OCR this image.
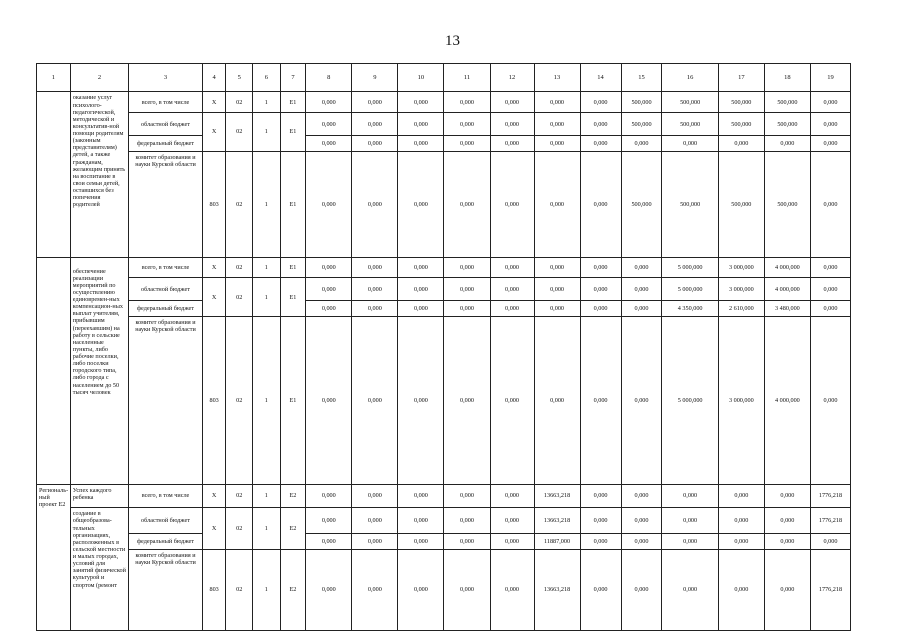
13
1	2	3	4	5	6	7	8	9	10	11	12	13	14	15	16	17	18	19
	оказание услуг психолого-педагогической, методической и консультатив-ной помощи родителям (законным представителям) детей, а также гражданам, желающим принять на воспитание в свои семьи детей, оставшихся без попечения родителей	всего, в том числе	X	02	1	E1	0,000	0,000	0,000	0,000	0,000	0,000	0,000	500,000	500,000	500,000	500,000	0,000
		областной бюджет	X	02	1	E1	0,000	0,000	0,000	0,000	0,000	0,000	0,000	500,000	500,000	500,000	500,000	0,000
		федеральный бюджет					0,000	0,000	0,000	0,000	0,000	0,000	0,000	0,000	0,000	0,000	0,000	0,000
		комитет образования и науки Курской области	803	02	1	E1	0,000	0,000	0,000	0,000	0,000	0,000	0,000	500,000	500,000	500,000	500,000	0,000
	обеспечение реализации мероприятий по осуществлению единовремен-ных компенсацион-ных выплат учителям, прибывшим (переехавшим) на работу в сельские населенные пункты, либо рабочие поселки, либо поселки городского типа, либо города с населением до 50 тысяч человек	всего, в том числе	X	02	1	E1	0,000	0,000	0,000	0,000	0,000	0,000	0,000	0,000	5 000,000	3 000,000	4 000,000	0,000
		областной бюджет	X	02	1	E1	0,000	0,000	0,000	0,000	0,000	0,000	0,000	0,000	5 000,000	3 000,000	4 000,000	0,000
		федеральный бюджет					0,000	0,000	0,000	0,000	0,000	0,000	0,000	0,000	4 350,000	2 610,000	3 480,000	0,000
		комитет образования и науки Курской области	803	02	1	E1	0,000	0,000	0,000	0,000	0,000	0,000	0,000	0,000	5 000,000	3 000,000	4 000,000	0,000
Региональ-ный проект Е2	Успех каждого ребенка	всего, в том числе	X	02	1	E2	0,000	0,000	0,000	0,000	0,000	13663,218	0,000	0,000	0,000	0,000	0,000	1776,218
	создание в общеобразова-тельных организациях, расположенных в сельской местности и малых городах, условий для занятий физической культурой и спортом (ремонт	областной бюджет	X	02	1	E2	0,000	0,000	0,000	0,000	0,000	13663,218	0,000	0,000	0,000	0,000	0,000	1776,218
		федеральный бюджет					0,000	0,000	0,000	0,000	0,000	11887,000	0,000	0,000	0,000	0,000	0,000	0,000
		комитет образования и науки Курской области	803	02	1	E2	0,000	0,000	0,000	0,000	0,000	13663,218	0,000	0,000	0,000	0,000	0,000	1776,218
